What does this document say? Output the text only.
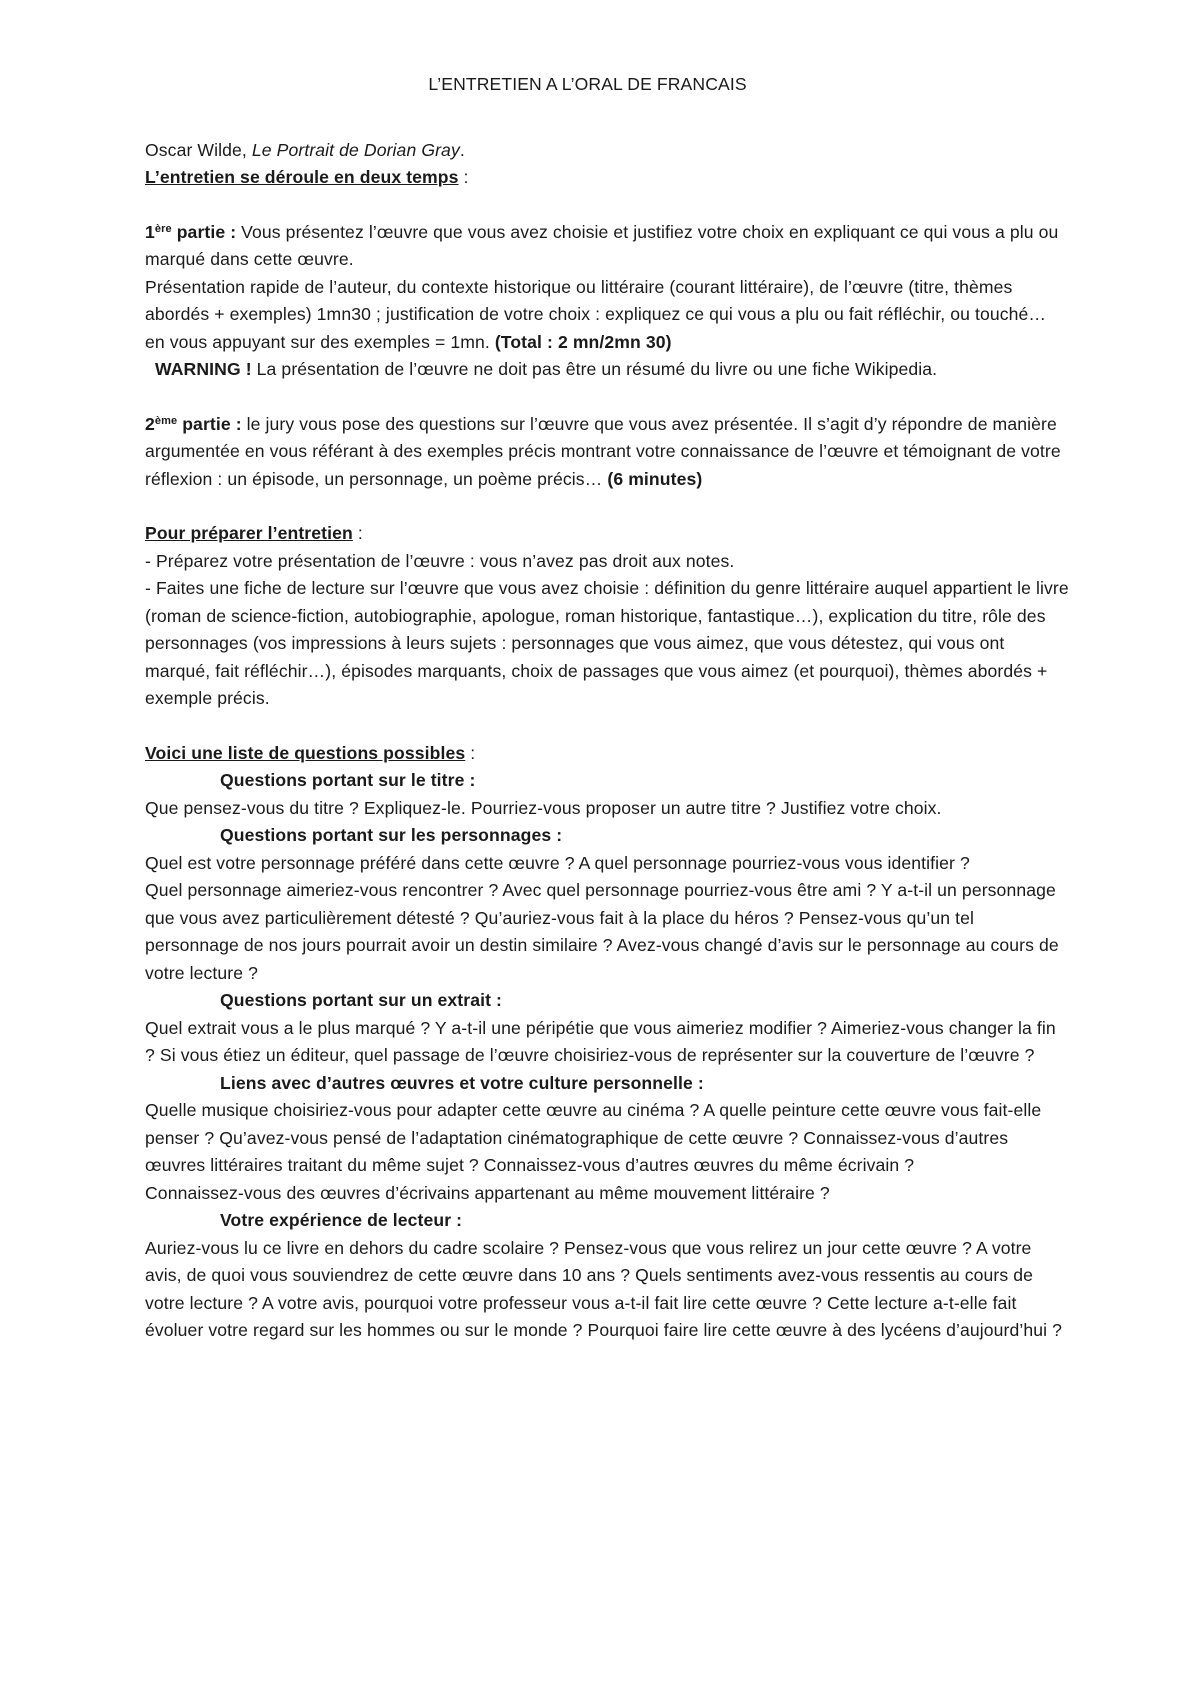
L’ENTRETIEN A L’ORAL DE FRANCAIS

Oscar Wilde, Le Portrait de Dorian Gray.

L’entretien se déroule en deux temps :

1ère partie : Vous présentez l’œuvre que vous avez choisie et justifiez votre choix en expliquant ce qui vous a plu ou marqué dans cette œuvre.

Présentation rapide de l’auteur, du contexte historique ou littéraire (courant littéraire), de l’œuvre (titre, thèmes abordés + exemples) 1mn30 ; justification de votre choix : expliquez ce qui vous a plu ou fait réfléchir, ou touché… en vous appuyant sur des exemples = 1mn. (Total : 2 mn/2mn 30)

WARNING ! La présentation de l’œuvre ne doit pas être un résumé du livre ou une fiche Wikipedia.

2ème partie : le jury vous pose des questions sur l’œuvre que vous avez présentée. Il s’agit d’y répondre de manière argumentée en vous référant à des exemples précis montrant votre connaissance de l’œuvre et témoignant de votre réflexion : un épisode, un personnage, un poème précis… (6 minutes)

Pour préparer l’entretien :

- Préparez votre présentation de l’œuvre : vous n’avez pas droit aux notes.

- Faites une fiche de lecture sur l’œuvre que vous avez choisie : définition du genre littéraire auquel appartient le livre (roman de science-fiction, autobiographie, apologue, roman historique, fantastique…), explication du titre, rôle des personnages (vos impressions à leurs sujets : personnages que vous aimez, que vous détestez, qui vous ont marqué, fait réfléchir…), épisodes marquants, choix de passages que vous aimez (et pourquoi), thèmes abordés + exemple précis.

Voici une liste de questions possibles :

Questions portant sur le titre :

Que pensez-vous du titre ? Expliquez-le. Pourriez-vous proposer un autre titre ? Justifiez votre choix.

Questions portant sur les personnages :

Quel est votre personnage préféré dans cette œuvre ? A quel personnage pourriez-vous vous identifier ?

Quel personnage aimeriez-vous rencontrer ? Avec quel personnage pourriez-vous être ami ? Y a-t-il un personnage que vous avez particulièrement détesté ? Qu’auriez-vous fait à la place du héros ? Pensez-vous qu’un tel personnage de nos jours pourrait avoir un destin similaire ? Avez-vous changé d’avis sur le personnage au cours de votre lecture ?

Questions portant sur un extrait :

Quel extrait vous a le plus marqué ? Y a-t-il une péripétie que vous aimeriez modifier ? Aimeriez-vous changer la fin ? Si vous étiez un éditeur, quel passage de l’œuvre choisiriez-vous de représenter sur la couverture de l’œuvre ?

Liens avec d’autres œuvres et votre culture personnelle :

Quelle musique choisiriez-vous pour adapter cette œuvre au cinéma ? A quelle peinture cette œuvre vous fait-elle penser ? Qu’avez-vous pensé de l’adaptation cinématographique de cette œuvre ? Connaissez-vous d’autres œuvres littéraires traitant du même sujet ? Connaissez-vous d’autres œuvres du même écrivain ?

Connaissez-vous des œuvres d’écrivains appartenant au même mouvement littéraire ?

Votre expérience de lecteur :

Auriez-vous lu ce livre en dehors du cadre scolaire ? Pensez-vous que vous relirez un jour cette œuvre ? A votre avis, de quoi vous souviendrez de cette œuvre dans 10 ans ? Quels sentiments avez-vous ressentis au cours de votre lecture ? A votre avis, pourquoi votre professeur vous a-t-il fait lire cette œuvre ? Cette lecture a-t-elle fait évoluer votre regard sur les hommes ou sur le monde ? Pourquoi faire lire cette œuvre à des lycéens d’aujourd’hui ?
